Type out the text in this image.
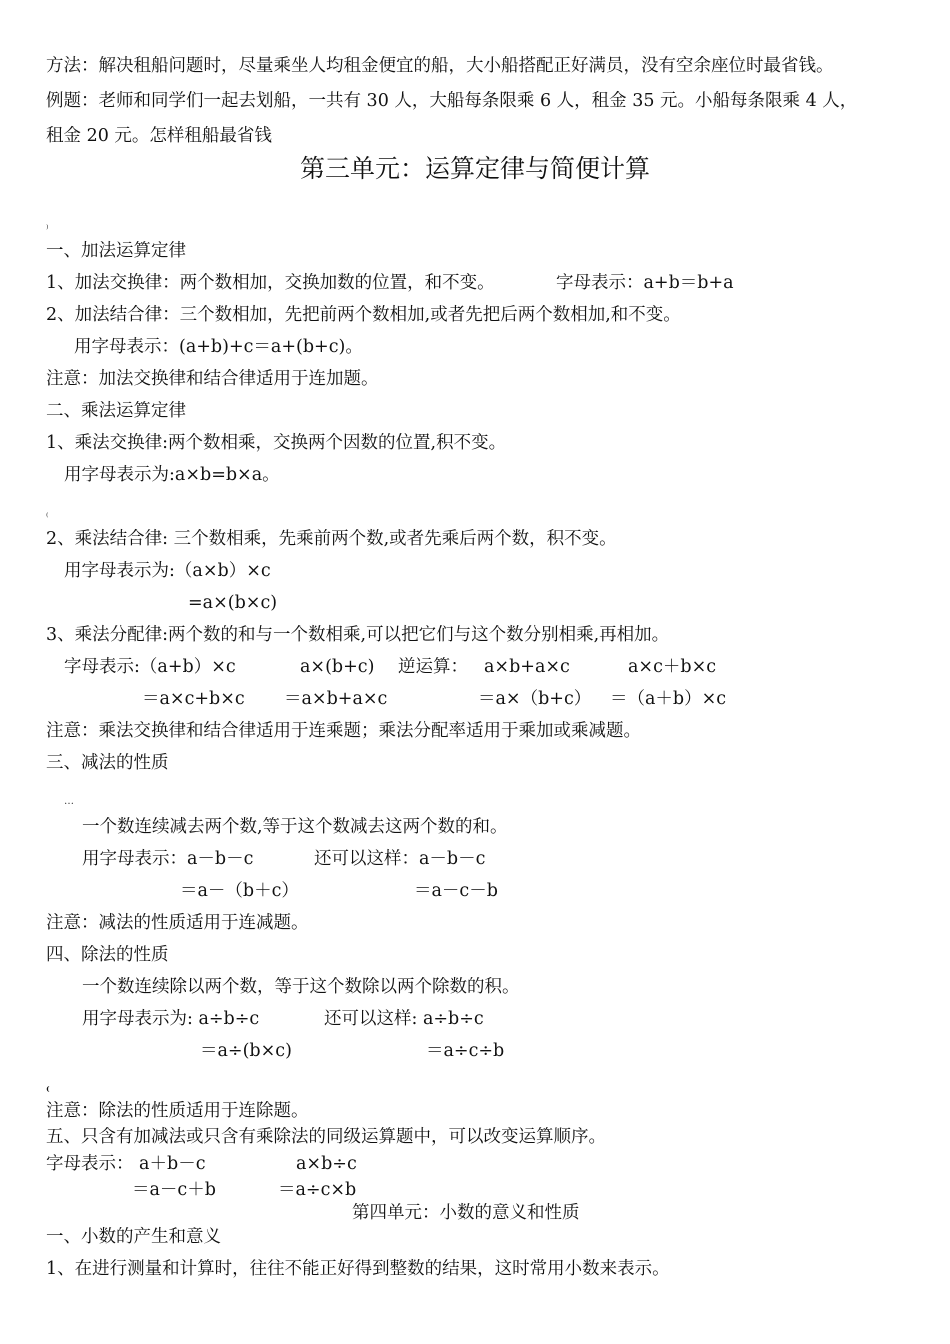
方法：解决租船问题时，尽量乘坐人均租金便宜的船，大小船搭配正好满员，没有空余座位时最省钱。
例题：老师和同学们一起去划船，一共有 30 人，大船每条限乘 6 人，租金 35 元。小船每条限乘 4 人，
租金 20 元。怎样租船最省钱
第三单元：运算定律与简便计算
⁾
一、加法运算定律
1、加法交换律：两个数相加，交换加数的位置，和不变。	字母表示：a+b＝b+a
2、加法结合律：三个数相加，先把前两个数相加,或者先把后两个数相加,和不变。
用字母表示：(a+b)+c＝a+(b+c)。
注意：加法交换律和结合律适用于连加题。
二、乘法运算定律
1、乘法交换律:两个数相乘，交换两个因数的位置,积不变。
用字母表示为:a×b=b×a。
⁽
2、乘法结合律: 三个数相乘，先乘前两个数,或者先乘后两个数，积不变。
用字母表示为:（a×b）×c
=a×(b×c)
3、乘法分配律:两个数的和与一个数相乘,可以把它们与这个数分别相乘,再相加。
字母表示:（a+b）×c	a×(b+c) 逆运算： a×b+a×c	a×c＋b×c
＝a×c+b×c ＝a×b+a×c	＝a×（b+c） ＝（a＋b）×c
注意：乘法交换律和结合律适用于连乘题；乘法分配率适用于乘加或乘减题。
三、减法的性质
…
一个数连续减去两个数,等于这个数减去这两个数的和。
用字母表示：a－b－c	还可以这样：a－b－c
＝a－（b＋c）	＝a－c－b
注意：减法的性质适用于连减题。
四、除法的性质
一个数连续除以两个数，等于这个数除以两个除数的积。
用字母表示为: a÷b÷c	还可以这样: a÷b÷c
＝a÷(b×c)	＝a÷c÷b
⁽
注意：除法的性质适用于连除题。
五、只含有加减法或只含有乘除法的同级运算题中，可以改变运算顺序。
字母表示： a＋b－c	a×b÷c
＝a－c＋b	＝a÷c×b
第四单元：小数的意义和性质
一、小数的产生和意义
1、在进行测量和计算时，往往不能正好得到整数的结果，这时常用小数来表示。
